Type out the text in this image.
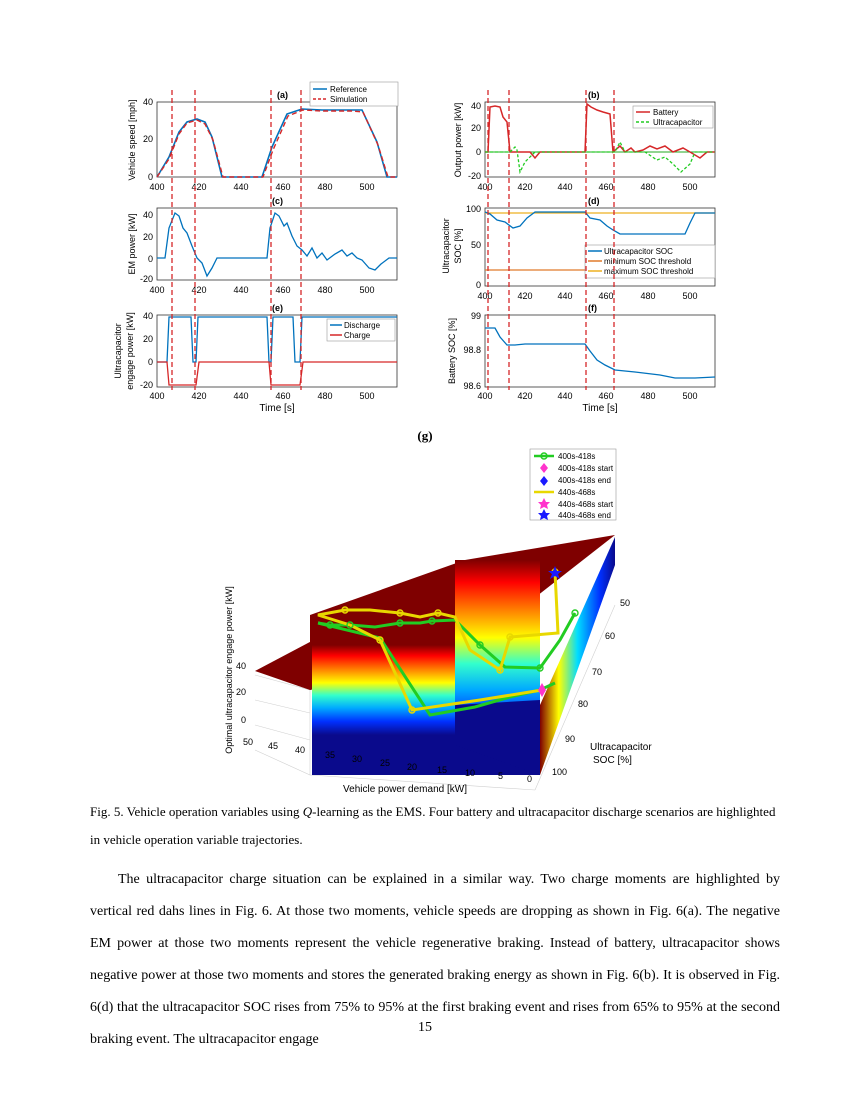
40
20
0
Vehicle speed [mph]
(a)
Reference
Simulation
40
20
0
-20
Output power [kW]
(b)
Battery
Ultracapacitor
40
20
0
-20
EM power [kW]
(c)
100
50
0
Ultracapacitor SOC [%]
(d)
Ultracapacitor SOC
minimum SOC threshold
maximum SOC threshold
40
20
0
-20
Ultracapacitor engage power [kW]
(e)
Discharge
Charge
99
98.8
98.6
Battery SOC [%]
(f)
400	420	440	460	480	500
400	420	440	460	480	500
400	420	440	460	480	500
400	420	440	460	480	500
400	420	440	460	480	500
400	420	440	460	480	500
Time [s]	Time [s]
(g)
400s-418s
400s-418s start
400s-418s end
440s-468s
440s-468s start
440s-468s end
Optimal ultracapacitor engage power [kW] 40
20
0
50 45 40 35 30 25 20 15 10	5	0
Vehicle power demand [kW]
50
60
70
80
90
100
Ultracapacitor
SOC [%]
Fig. 5. Vehicle operation variables using Q-learning as the EMS. Four battery and ultracapacitor discharge scenarios are highlighted in vehicle operation variable trajectories.
The ultracapacitor charge situation can be explained in a similar way. Two charge moments are highlighted by vertical red dahs lines in Fig. 6. At those two moments, vehicle speeds are dropping as shown in Fig. 6(a). The negative EM power at those two moments represent the vehicle regenerative braking. Instead of battery, ultracapacitor shows negative power at those two moments and stores the generated braking energy as shown in Fig. 6(b). It is observed in Fig. 6(d) that the ultracapacitor SOC rises from 75% to 95% at the first braking event and rises from 65% to 95% at the second braking event. The ultracapacitor engage
15
